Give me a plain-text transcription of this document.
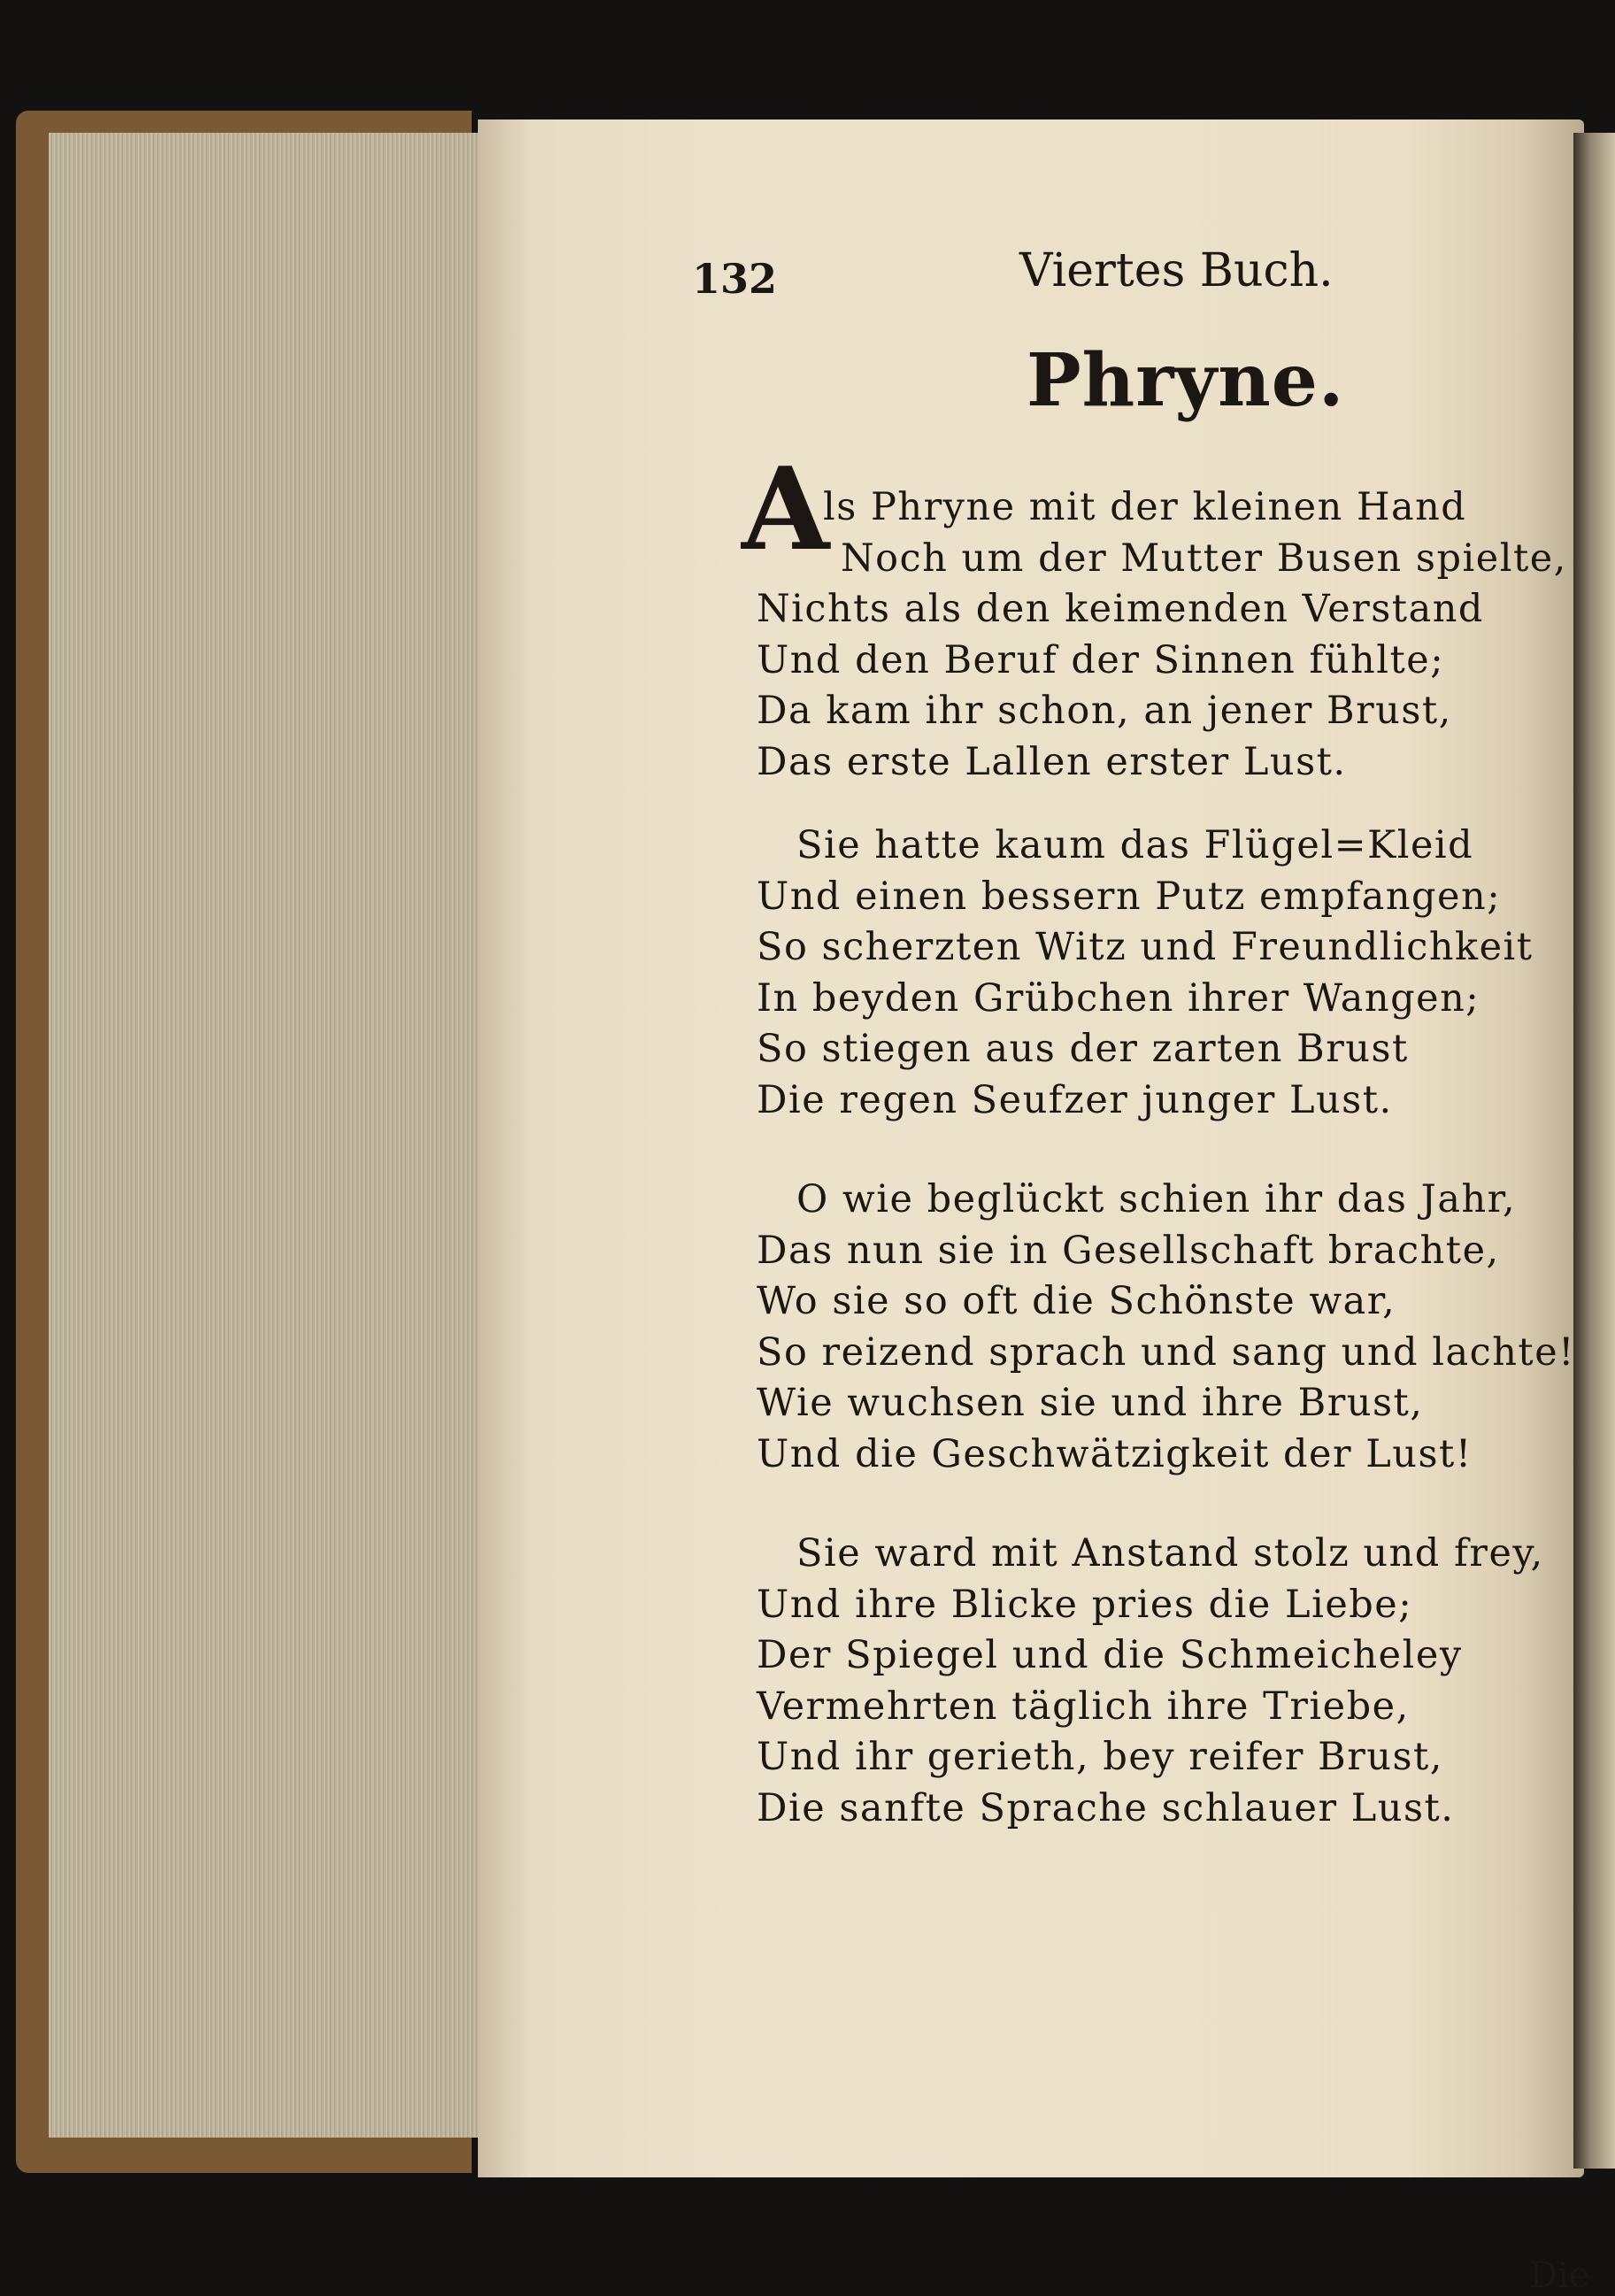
132	Viertes Buch.
Phryne.
A
ls Phryne mit der kleinen Hand
Noch um der Mutter Busen spielte,
Nichts als den keimenden Verstand
Und den Beruf der Sinnen fühlte;
Da kam ihr schon, an jener Brust,
Das erste Lallen erster Lust.
Sie hatte kaum das Flügel=Kleid
Und einen bessern Putz empfangen;
So scherzten Witz und Freundlichkeit
In beyden Grübchen ihrer Wangen;
So stiegen aus der zarten Brust
Die regen Seufzer junger Lust.
O wie beglückt schien ihr das Jahr,
Das nun sie in Gesellschaft brachte,
Wo sie so oft die Schönste war,
So reizend sprach und sang und lachte!
Wie wuchsen sie und ihre Brust,
Und die Geschwätzigkeit der Lust!
Sie ward mit Anstand stolz und frey,
Und ihre Blicke pries die Liebe;
Der Spiegel und die Schmeicheley
Vermehrten täglich ihre Triebe,
Und ihr gerieth, bey reifer Brust,
Die sanfte Sprache schlauer Lust.
Die
